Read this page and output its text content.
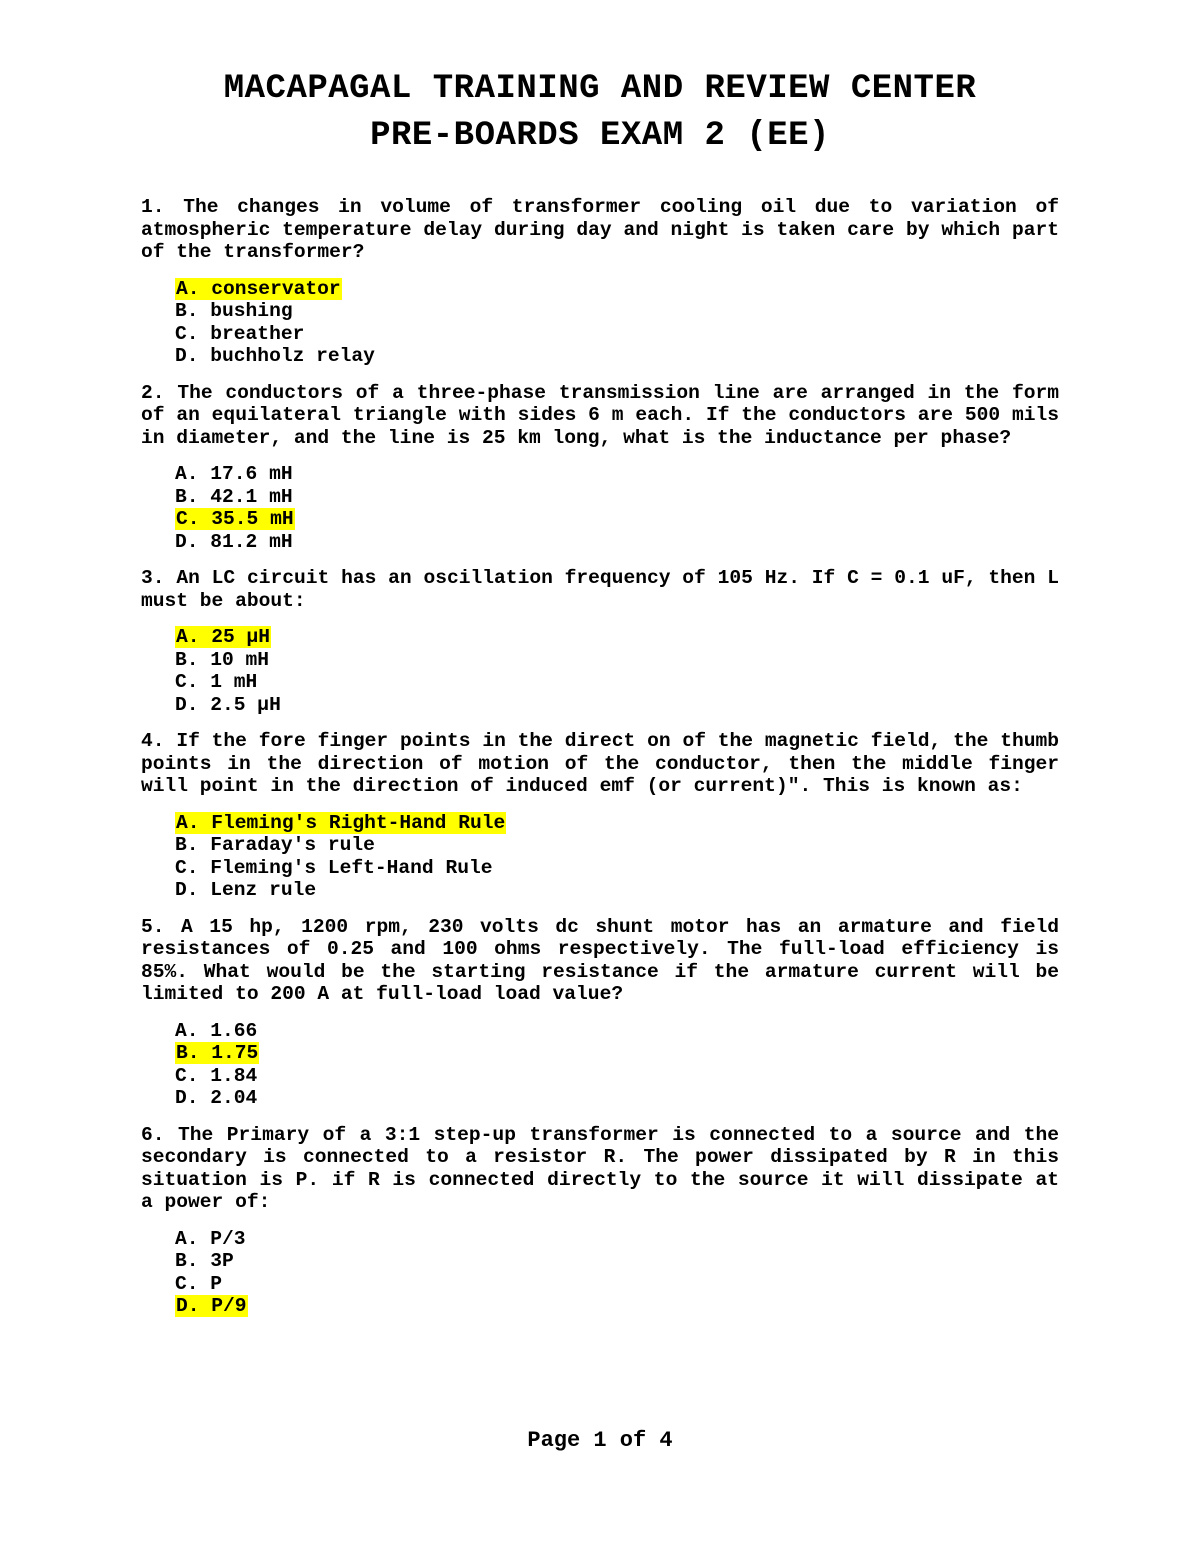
MACAPAGAL TRAINING AND REVIEW CENTER
PRE-BOARDS EXAM 2 (EE)

1. The changes in volume of transformer cooling oil due to variation of atmospheric temperature delay during day and night is taken care by which part of the transformer?

A. conservator
B. bushing
C. breather
D. buchholz relay

2. The conductors of a three-phase transmission line are arranged in the form of an equilateral triangle with sides 6 m each. If the conductors are 500 mils in diameter, and the line is 25 km long, what is the inductance per phase?

A. 17.6 mH
B. 42.1 mH
C. 35.5 mH
D. 81.2 mH

3. An LC circuit has an oscillation frequency of 105 Hz. If C = 0.1 uF, then L must be about:

A. 25 µH
B. 10 mH
C. 1 mH
D. 2.5 µH

4. If the fore finger points in the direct on of the magnetic field, the thumb points in the direction of motion of the conductor, then the middle finger will point in the direction of induced emf (or current)". This is known as:

A. Fleming's Right-Hand Rule
B. Faraday's rule
C. Fleming's Left-Hand Rule
D. Lenz rule

5. A 15 hp, 1200 rpm, 230 volts dc shunt motor has an armature and field resistances of 0.25 and 100 ohms respectively. The full-load efficiency is 85%. What would be the starting resistance if the armature current will be limited to 200 A at full-load load value?

A. 1.66
B. 1.75
C. 1.84
D. 2.04

6. The Primary of a 3:1 step-up transformer is connected to a source and the secondary is connected to a resistor R. The power dissipated by R in this situation is P. if R is connected directly to the source it will dissipate at a power of:

A. P/3
B. 3P
C. P
D. P/9
Page 1 of 4
